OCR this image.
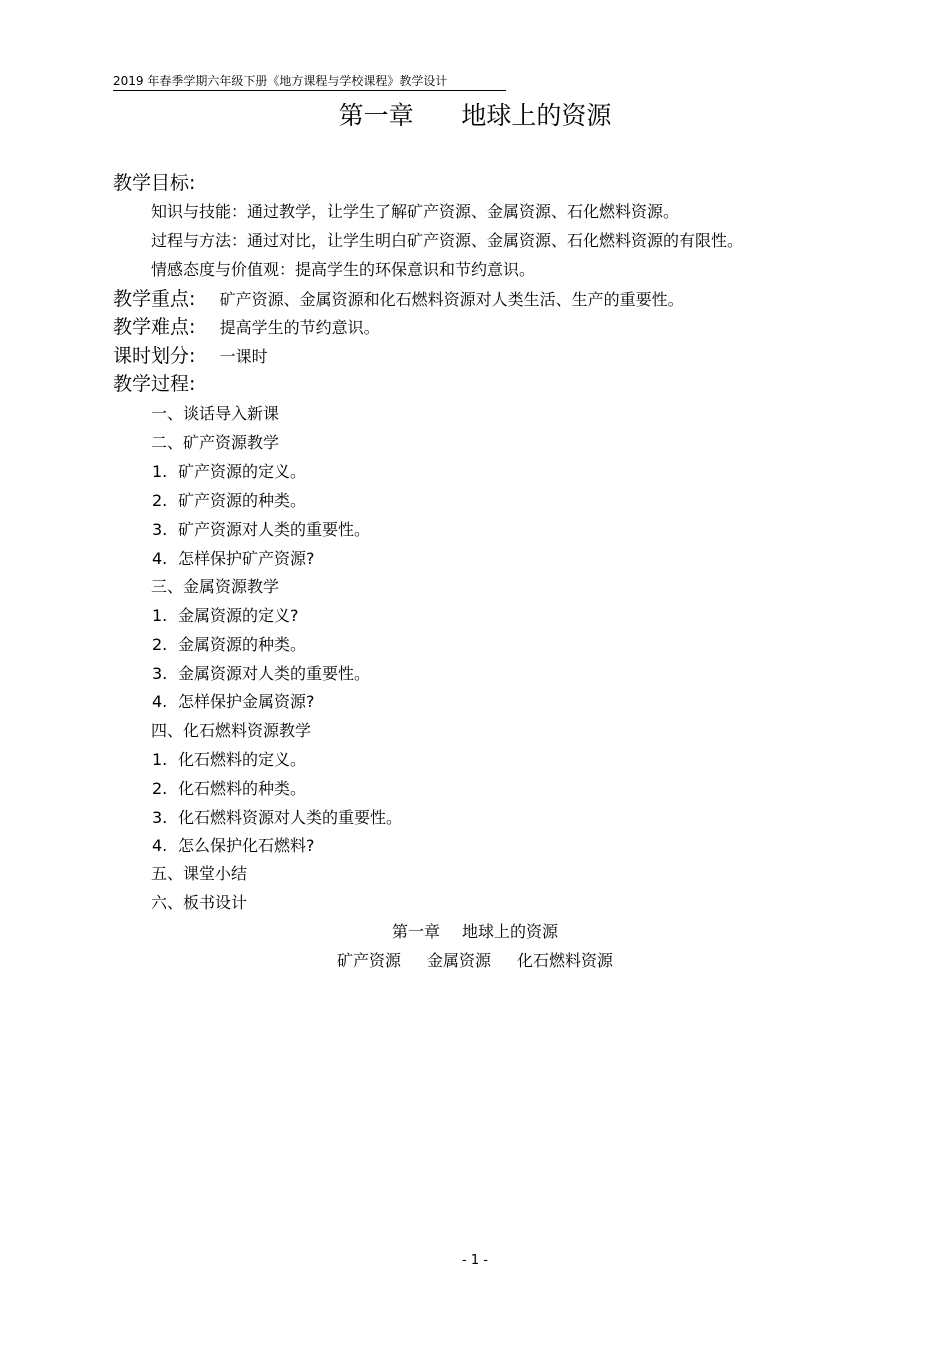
2019 年春季学期六年级下册《地方课程与学校课程》教学设计
第一章 地球上的资源
教学目标:
知识与技能：通过教学，让学生了解矿产资源、金属资源、石化燃料资源。
过程与方法：通过对比，让学生明白矿产资源、金属资源、石化燃料资源的有限性。
情感态度与价值观：提高学生的环保意识和节约意识。
教学重点: 矿产资源、金属资源和化石燃料资源对人类生活、生产的重要性。
教学难点: 提高学生的节约意识。
课时划分: 一课时
教学过程:
一、谈话导入新课
二、矿产资源教学
1. 矿产资源的定义。
2. 矿产资源的种类。
3. 矿产资源对人类的重要性。
4. 怎样保护矿产资源?
三、金属资源教学
1. 金属资源的定义?
2. 金属资源的种类。
3. 金属资源对人类的重要性。
4. 怎样保护金属资源?
四、化石燃料资源教学
1. 化石燃料的定义。
2. 化石燃料的种类。
3. 化石燃料资源对人类的重要性。
4. 怎么保护化石燃料?
五、课堂小结
六、板书设计
第一章 地球上的资源
矿产资源 金属资源 化石燃料资源
- 1 -
